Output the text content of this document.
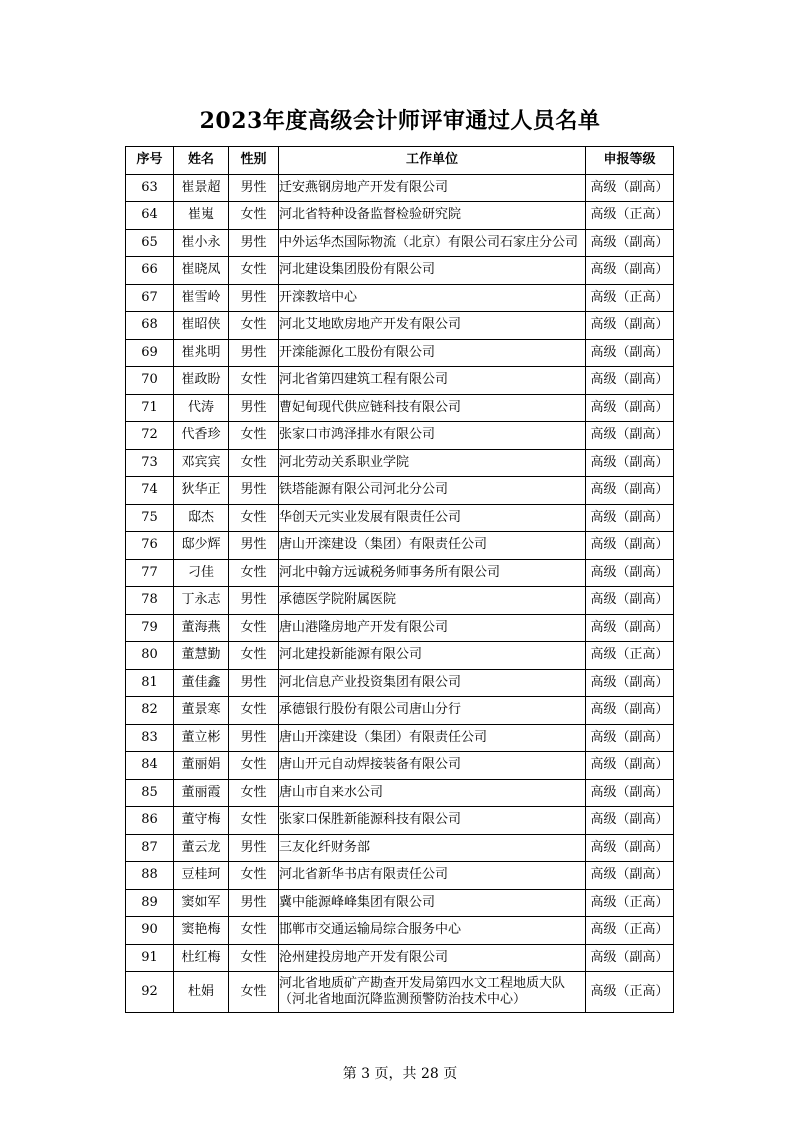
2023年度高级会计师评审通过人员名单
序号	姓名	性别	工作单位	申报等级
63	崔景超	男性	迁安燕钢房地产开发有限公司	高级（副高）
64	崔嵬	女性	河北省特种设备监督检验研究院	高级（正高）
65	崔小永	男性	中外运华杰国际物流（北京）有限公司石家庄分公司	高级（副高）
66	崔晓凤	女性	河北建设集团股份有限公司	高级（副高）
67	崔雪岭	男性	开滦教培中心	高级（正高）
68	崔昭侠	女性	河北艾地欧房地产开发有限公司	高级（副高）
69	崔兆明	男性	开滦能源化工股份有限公司	高级（副高）
70	崔政盼	女性	河北省第四建筑工程有限公司	高级（副高）
71	代涛	男性	曹妃甸现代供应链科技有限公司	高级（副高）
72	代香珍	女性	张家口市鸿泽排水有限公司	高级（副高）
73	邓宾宾	女性	河北劳动关系职业学院	高级（副高）
74	狄华正	男性	铁塔能源有限公司河北分公司	高级（副高）
75	邸杰	女性	华创天元实业发展有限责任公司	高级（副高）
76	邸少辉	男性	唐山开滦建设（集团）有限责任公司	高级（副高）
77	刁佳	女性	河北中翰方远诚税务师事务所有限公司	高级（副高）
78	丁永志	男性	承德医学院附属医院	高级（副高）
79	董海燕	女性	唐山港隆房地产开发有限公司	高级（副高）
80	董慧勤	女性	河北建投新能源有限公司	高级（正高）
81	董佳鑫	男性	河北信息产业投资集团有限公司	高级（副高）
82	董景寒	女性	承德银行股份有限公司唐山分行	高级（副高）
83	董立彬	男性	唐山开滦建设（集团）有限责任公司	高级（副高）
84	董丽娟	女性	唐山开元自动焊接装备有限公司	高级（副高）
85	董丽霞	女性	唐山市自来水公司	高级（副高）
86	董守梅	女性	张家口保胜新能源科技有限公司	高级（副高）
87	董云龙	男性	三友化纤财务部	高级（副高）
88	豆桂珂	女性	河北省新华书店有限责任公司	高级（副高）
89	窦如军	男性	冀中能源峰峰集团有限公司	高级（正高）
90	窦艳梅	女性	邯郸市交通运输局综合服务中心	高级（正高）
91	杜红梅	女性	沧州建投房地产开发有限公司	高级（副高）
92	杜娟	女性	河北省地质矿产勘查开发局第四水文工程地质大队（河北省地面沉降监测预警防治技术中心）	高级（正高）
第 3 页，共 28 页
